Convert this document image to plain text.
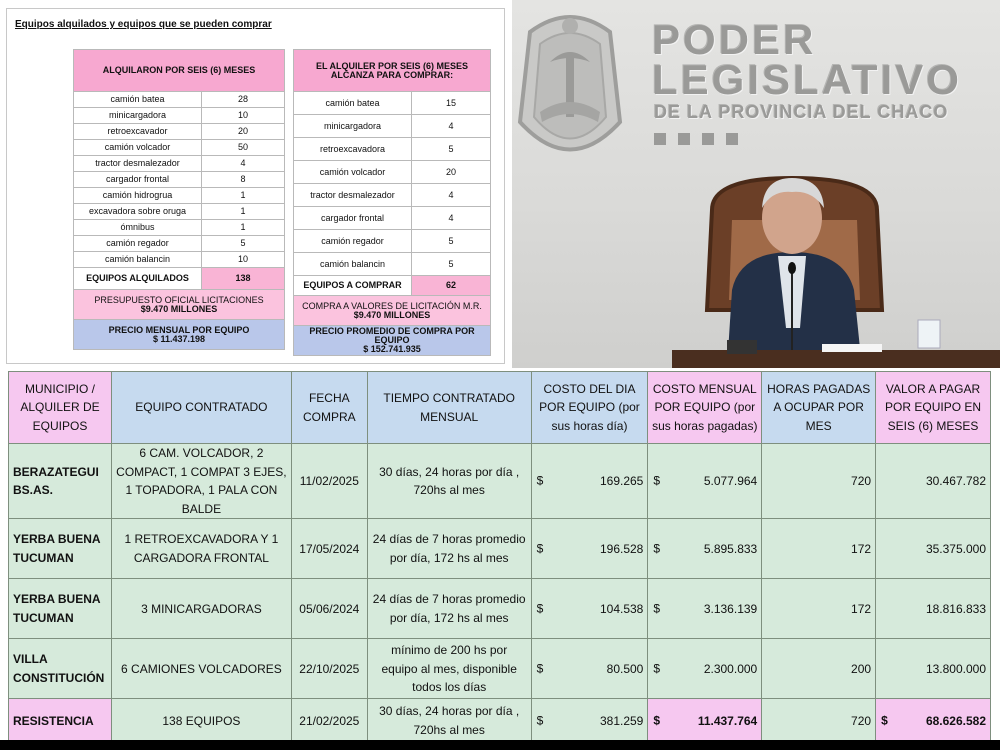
Equipos alquilados y equipos que se pueden comprar
ALQUILARON POR SEIS (6) MESES	
camión batea	28
minicargadora	10
retroexcavador	20
camión volcador	50
tractor desmalezador	4
cargador frontal	8
camión hidrogrua	1
excavadora sobre oruga	1
ómnibus	1
camión regador	5
camión balancin	10
EQUIPOS ALQUILADOS	138
PRESUPUESTO OFICIAL LICITACIONES
$9.470 MILLONES	
PRECIO MENSUAL POR EQUIPO
$ 11.437.198	
EL ALQUILER POR SEIS (6) MESES
ALCANZA PARA COMPRAR:	
camión batea	15
minicargadora	4
retroexcavadora	5
camión volcador	20
tractor desmalezador	4
cargador frontal	4
camión regador	5
camión balancin	5
EQUIPOS A COMPRAR	62
COMPRA A VALORES DE LICITACIÓN M.R.
$9.470 MILLONES	
PRECIO PROMEDIO DE COMPRA POR EQUIPO
$ 152.741.935	
PODER
LEGISLATIVO
DE LA PROVINCIA DEL CHACO
MUNICIPIO / ALQUILER DE EQUIPOS	EQUIPO CONTRATADO	FECHA COMPRA	TIEMPO CONTRATADO MENSUAL	COSTO DEL DIA POR EQUIPO (por sus horas día)	COSTO MENSUAL POR EQUIPO (por sus horas pagadas)	HORAS PAGADAS A OCUPAR POR MES	VALOR A PAGAR POR EQUIPO EN SEIS (6) MESES
BERAZATEGUI BS.AS.	6 CAM. VOLCADOR, 2 COMPACT, 1 COMPAT 3 EJES, 1 TOPADORA, 1 PALA CON BALDE	11/02/2025	30 días, 24 horas por día , 720hs al mes	$ 169.265	$ 5.077.964	720	30.467.782
YERBA BUENA TUCUMAN	1 RETROEXCAVADORA Y 1 CARGADORA FRONTAL	17/05/2024	24 días de 7 horas promedio por día, 172 hs al mes	$ 196.528	$ 5.895.833	172	35.375.000
YERBA BUENA TUCUMAN	3 MINICARGADORAS	05/06/2024	24 días de 7 horas promedio por día, 172 hs al mes	$ 104.538	$ 3.136.139	172	18.816.833
VILLA CONSTITUCIÓN	6 CAMIONES VOLCADORES	22/10/2025	mínimo de 200 hs por equipo al mes, disponible todos los días	$ 80.500	$ 2.300.000	200	13.800.000
RESISTENCIA	138 EQUIPOS	21/02/2025	30 días, 24 horas por día , 720hs al mes	$ 381.259	$ 11.437.764	720	$ 68.626.582
